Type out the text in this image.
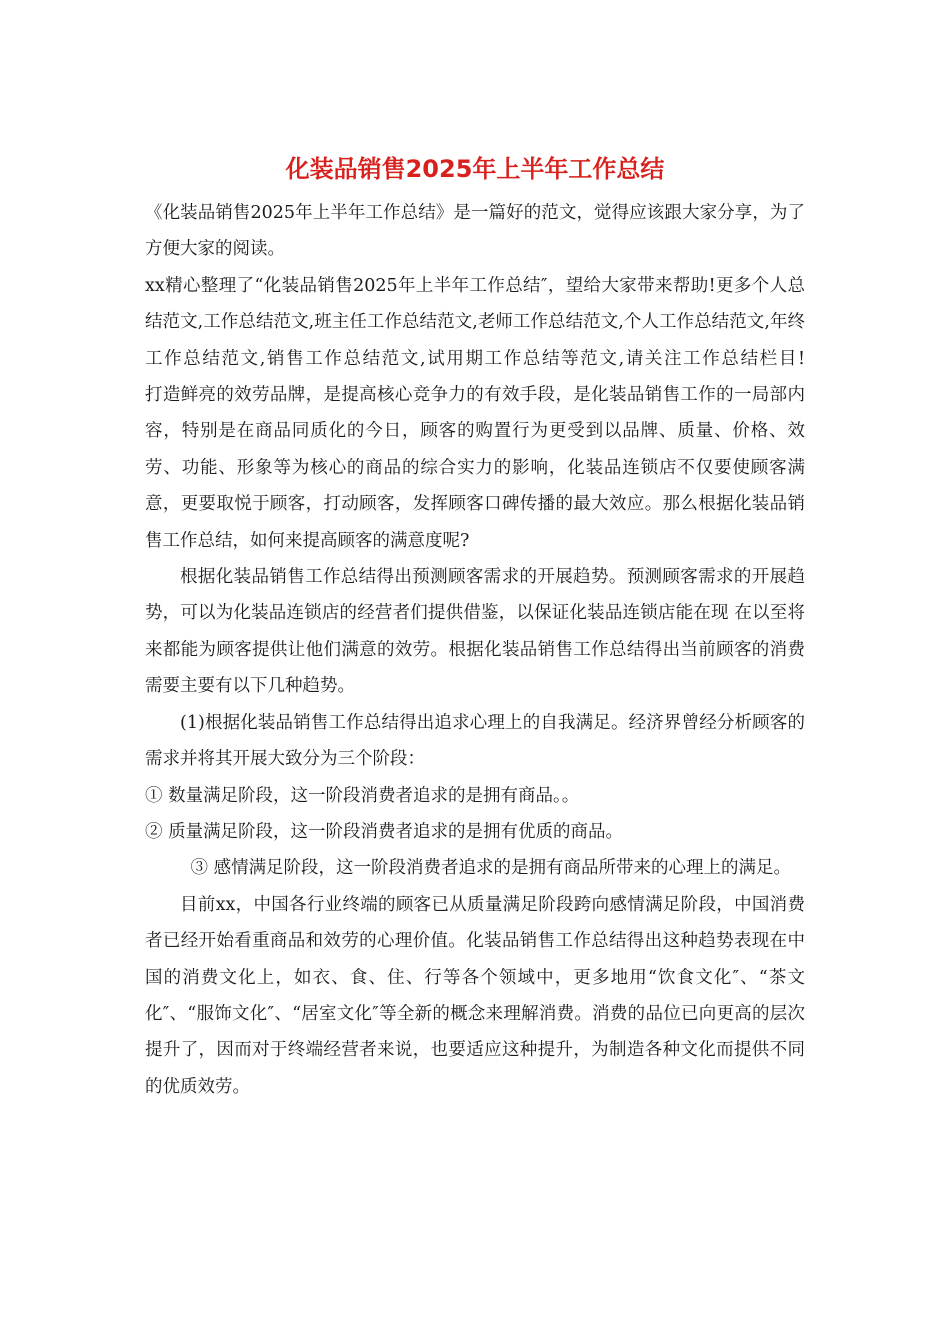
化装品销售2025年上半年工作总结

《化装品销售2025年上半年工作总结》是一篇好的范文，觉得应该跟大家分享，为了方便大家的阅读。

xx精心整理了“化装品销售2025年上半年工作总结″，望给大家带来帮助!更多个人总结范文,工作总结范文,班主任工作总结范文,老师工作总结范文,个人工作总结范文,年终工作总结范文,销售工作总结范文,试用期工作总结等范文,请关注工作总结栏目!　　　打造鲜亮的效劳品牌，是提高核心竞争力的有效手段，是化装品销售工作的一局部内容，特别是在商品同质化的今日，顾客的购置行为更受到以品牌、质量、价格、效劳、功能、形象等为核心的商品的综合实力的影响，化装品连锁店不仅要使顾客满意，更要取悦于顾客，打动顾客，发挥顾客口碑传播的最大效应。那么根据化装品销售工作总结，如何来提高顾客的满意度呢?

根据化装品销售工作总结得出预测顾客需求的开展趋势。预测顾客需求的开展趋势，可以为化装品连锁店的经营者们提供借鉴，以保证化装品连锁店能在现 在以至将来都能为顾客提供让他们满意的效劳。根据化装品销售工作总结得出当前顾客的消费需要主要有以下几种趋势。

(1)根据化装品销售工作总结得出追求心理上的自我满足。经济界曾经分析顾客的需求并将其开展大致分为三个阶段：

① 数量满足阶段，这一阶段消费者追求的是拥有商品。。

② 质量满足阶段，这一阶段消费者追求的是拥有优质的商品。

③ 感情满足阶段，这一阶段消费者追求的是拥有商品所带来的心理上的满足。

目前xx，中国各行业终端的顾客已从质量满足阶段跨向感情满足阶段，中国消费者已经开始看重商品和效劳的心理价值。化装品销售工作总结得出这种趋势表现在中国的消费文化上，如衣、食、住、行等各个领域中，更多地用“饮食文化″、“茶文化″、“服饰文化″、“居室文化″等全新的概念来理解消费。消费的品位已向更高的层次提升了，因而对于终端经营者来说，也要适应这种提升，为制造各种文化而提供不同的优质效劳。
